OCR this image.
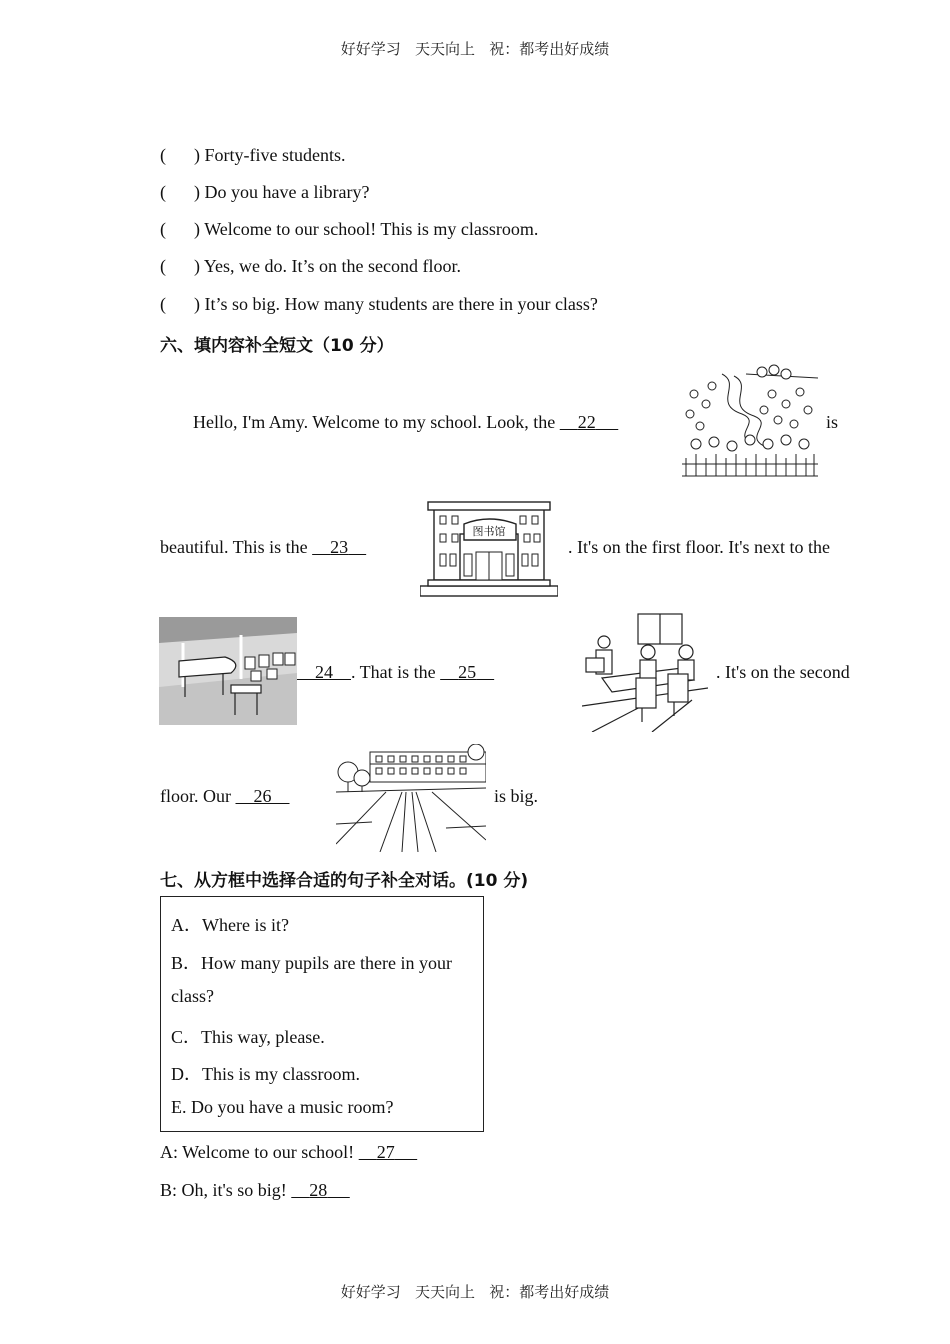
好好学习   天天向上   祝：都考出好成绩
( ) Forty-five students.
( ) Do you have a library?
( ) Welcome to our school! This is my classroom.
( ) Yes, we do. It’s on the second floor.
( ) It’s so big. How many students are there in your class?
六、填内容补全短文（10 分）
Hello, I'm Amy. Welcome to my school. Look, the     22	is
beautiful. This is the     23	. It's on the first floor. It's next to the
图书馆
24 . That is the     25	. It's on the second
floor. Our     26	is big.
七、从方框中选择合适的句子补全对话。(10 分)
A．Where is it?
B．How many pupils are there in your
class?
C．This way, please.
D．This is my classroom.
E. Do you have a music room?
A: Welcome to our school!     27
B: Oh, it's so big!     28
好好学习   天天向上   祝：都考出好成绩
